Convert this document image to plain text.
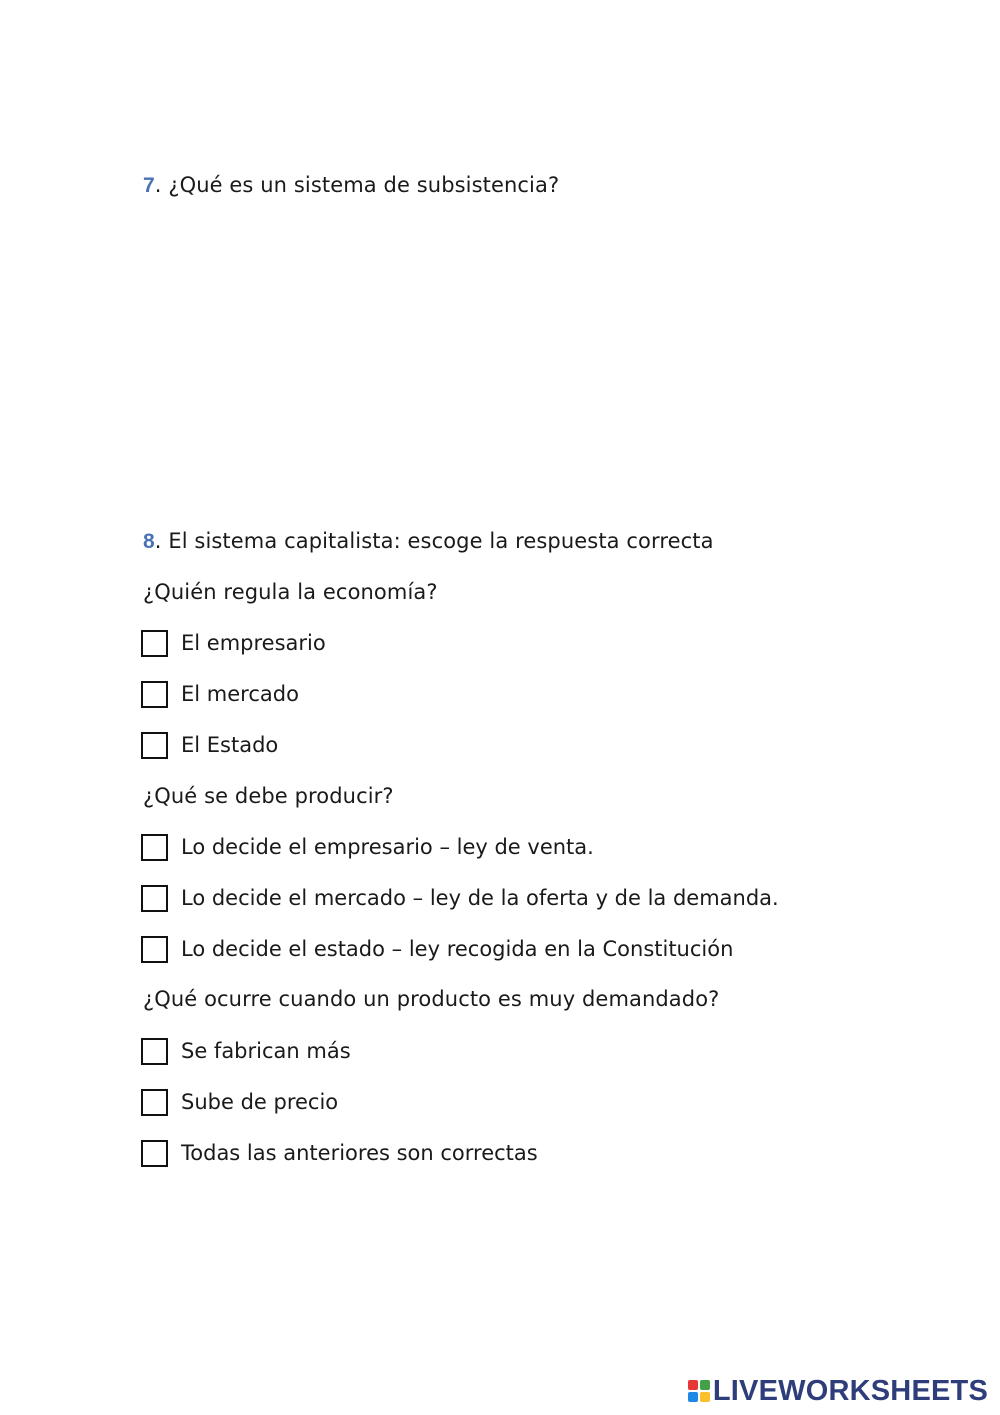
7. ¿Qué es un sistema de subsistencia?
8. El sistema capitalista: escoge la respuesta correcta
¿Quién regula la economía?
El empresario
El mercado
El Estado
¿Qué se debe producir?
Lo decide el empresario – ley de venta.
Lo decide el mercado – ley de la oferta y de la demanda.
Lo decide el estado – ley recogida en la Constitución
¿Qué ocurre cuando un producto es muy demandado?
Se fabrican más
Sube de precio
Todas las anteriores son correctas
LIVEWORKSHEETS
